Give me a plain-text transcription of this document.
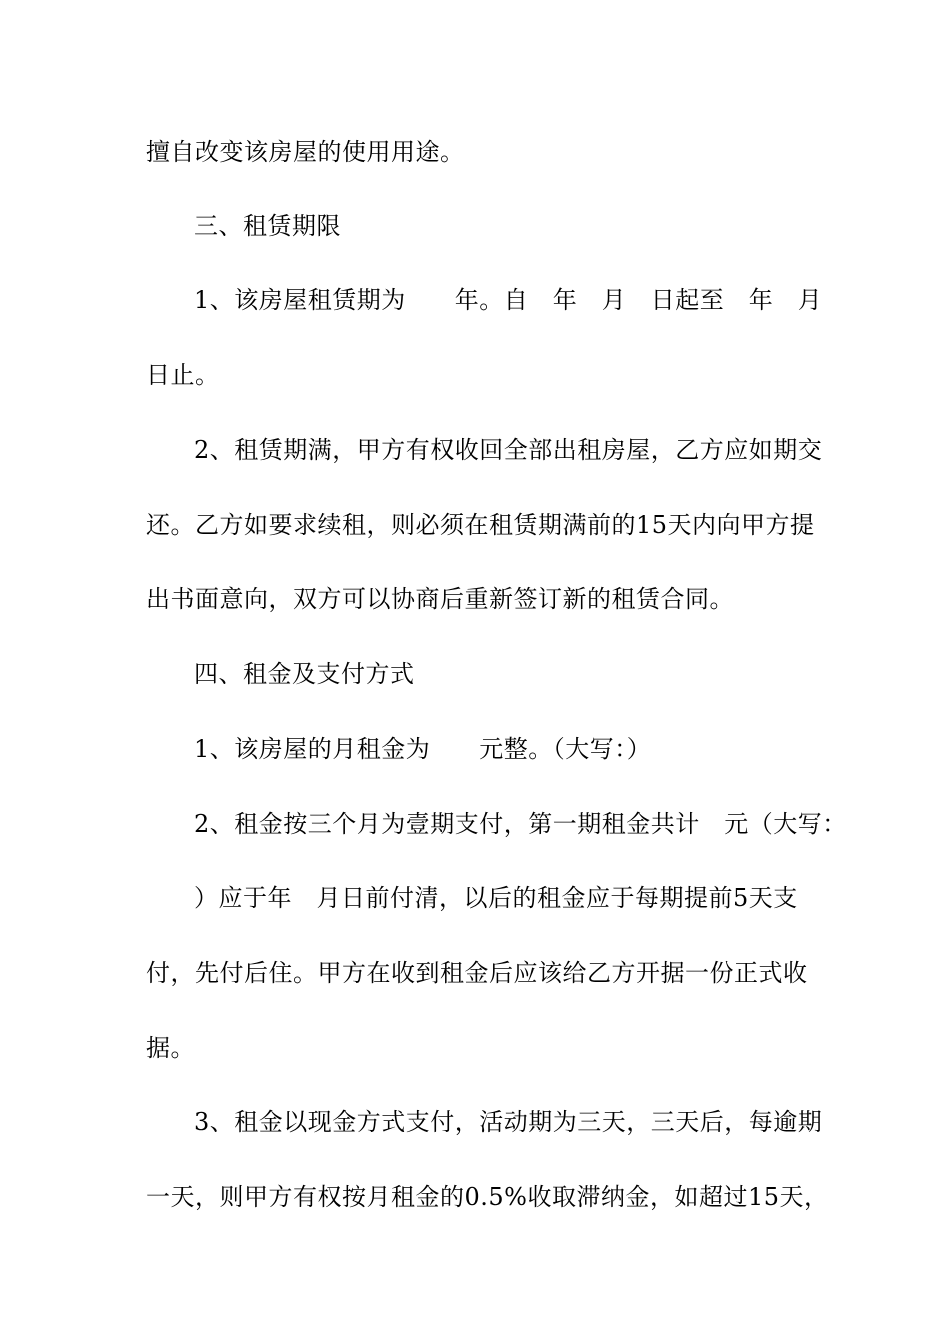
擅自改变该房屋的使用用途。
三、租赁期限
1、该房屋租赁期为　　年。自　年　月　日起至　年　月
日止。
2、租赁期满，甲方有权收回全部出租房屋，乙方应如期交
还。乙方如要求续租，则必须在租赁期满前的15天内向甲方提
出书面意向，双方可以协商后重新签订新的租赁合同。
四、租金及支付方式
1、该房屋的月租金为　　元整。（大写：）
2、租金按三个月为壹期支付，第一期租金共计　元（大写：
）应于年　月日前付清，以后的租金应于每期提前5天支
付，先付后住。甲方在收到租金后应该给乙方开据一份正式收
据。
3、租金以现金方式支付，活动期为三天，三天后，每逾期
一天，则甲方有权按月租金的0.5%收取滞纳金，如超过15天，
